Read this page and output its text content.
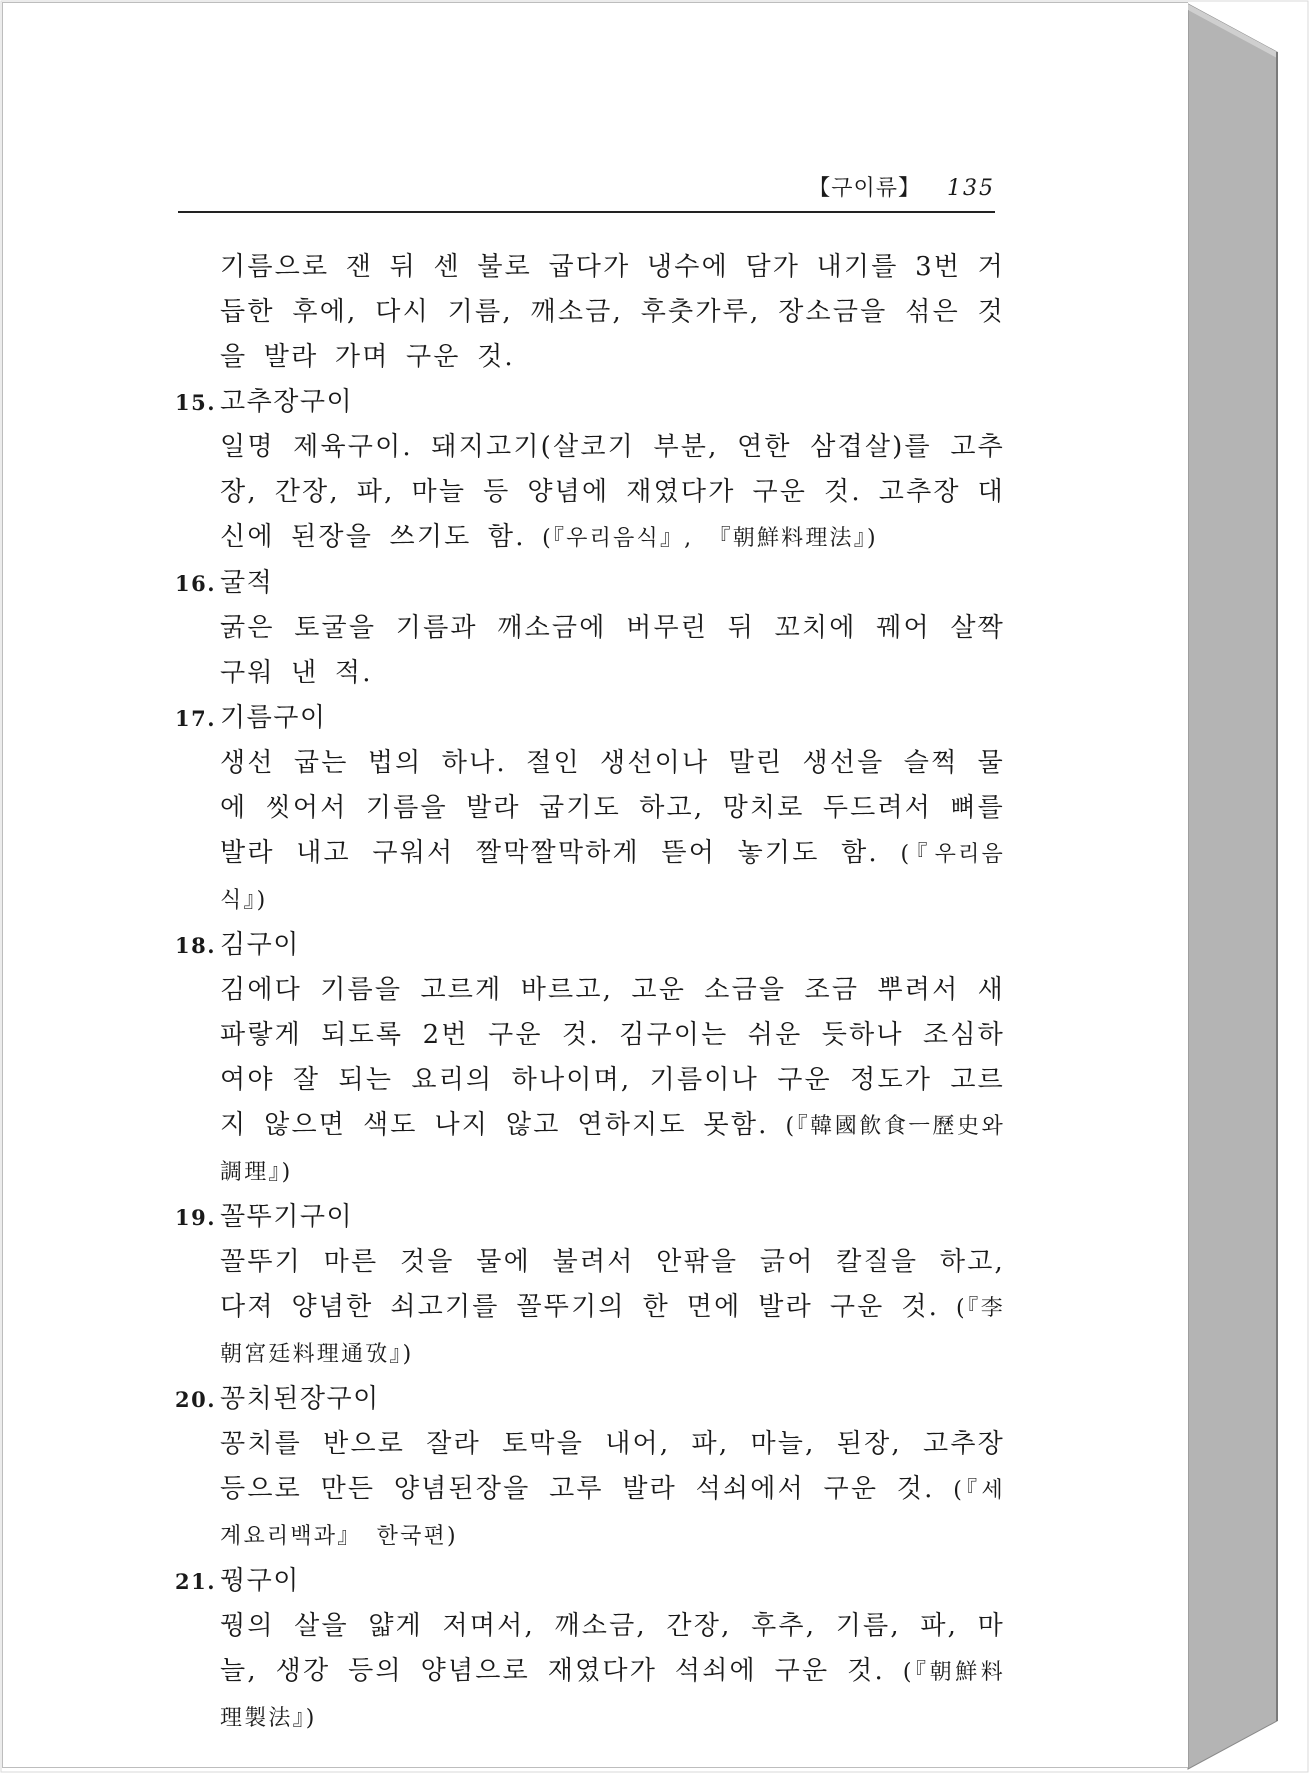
【구이류】 135

기름으로 잰 뒤 센 불로 굽다가 냉수에 담가 내기를 3번 거듭한 후에, 다시 기름, 깨소금, 후춧가루, 장소금을 섞은 것을 발라 가며 구운 것.

15. 고추장구이

일명 제육구이. 돼지고기(살코기 부분, 연한 삼겹살)를 고추장, 간장, 파, 마늘 등 양념에 재였다가 구운 것. 고추장 대신에 된장을 쓰기도 함. (『우리음식』, 『朝鮮料理法』)

16. 굴적

굵은 토굴을 기름과 깨소금에 버무린 뒤 꼬치에 꿰어 살짝 구워 낸 적.

17. 기름구이

생선 굽는 법의 하나. 절인 생선이나 말린 생선을 슬쩍 물에 씻어서 기름을 발라 굽기도 하고, 망치로 두드려서 뼈를 발라 내고 구워서 짤막짤막하게 뜯어 놓기도 함. (『우리음식』)

18. 김구이

김에다 기름을 고르게 바르고, 고운 소금을 조금 뿌려서 새파랗게 되도록 2번 구운 것. 김구이는 쉬운 듯하나 조심하여야 잘 되는 요리의 하나이며, 기름이나 구운 정도가 고르지 않으면 색도 나지 않고 연하지도 못함. (『韓國飮食ㅡ歷史와 調理』)

19. 꼴뚜기구이

꼴뚜기 마른 것을 물에 불려서 안팎을 긁어 칼질을 하고, 다져 양념한 쇠고기를 꼴뚜기의 한 면에 발라 구운 것. (『李朝宮廷料理通攷』)

20. 꽁치된장구이

꽁치를 반으로 잘라 토막을 내어, 파, 마늘, 된장, 고추장 등으로 만든 양념된장을 고루 발라 석쇠에서 구운 것. (『세계요리백과』 한국편)

21. 꿩구이

꿩의 살을 얇게 저며서, 깨소금, 간장, 후추, 기름, 파, 마늘, 생강 등의 양념으로 재였다가 석쇠에 구운 것. (『朝鮮料理製法』)
